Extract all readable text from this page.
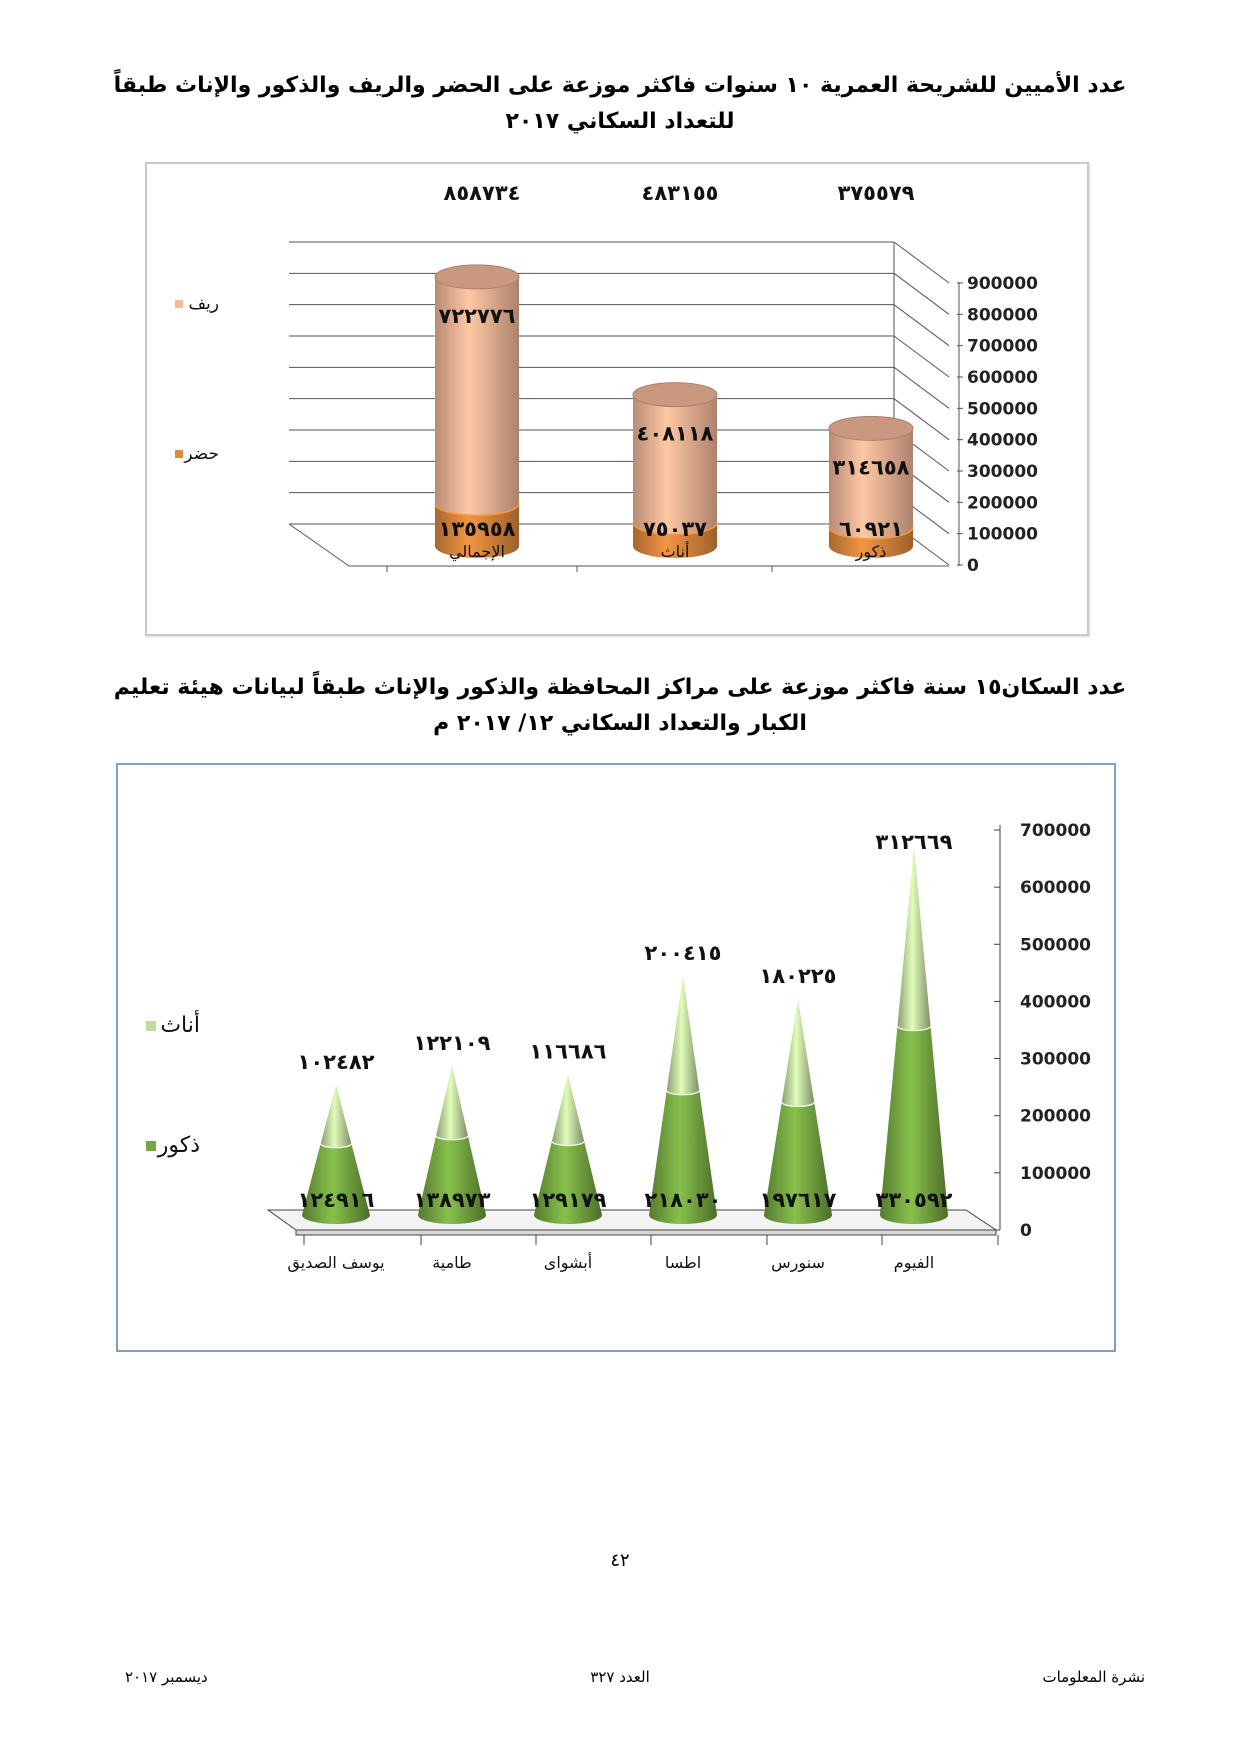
عدد الأميين للشريحة العمرية ١٠ سنوات فاكثر موزعة على الحضر والريف والذكور والإناث طبقاً للتعداد السكاني ٢٠١٧
0
100000
200000
300000
400000
500000
600000
700000
800000
900000
١٣٥٩٥٨
٧٢٢٧٧٦
٨٥٨٧٣٤
الإجمالي
٧٥٠٣٧
٤٠٨١١٨
٤٨٣١٥٥
أناث
٦٠٩٢١
٣١٤٦٥٨
٣٧٥٥٧٩
ذكور
ريف
حضر
عدد السكان١٥ سنة فاكثر موزعة على مراكز المحافظة والذكور والإناث طبقاً لبيانات هيئة تعليم الكبار والتعداد السكاني ١٢/ ٢٠١٧ م
0
100000
200000
300000
400000
500000
600000
700000
١٢٤٩١٦
١٠٢٤٨٢
يوسف الصديق
١٣٨٩٧٣
١٢٢١٠٩
طامية
١٢٩١٧٩
١١٦٦٨٦
أبشواى
٢١٨٠٣٠
٢٠٠٤١٥
اطسا
١٩٧٦١٧
١٨٠٢٢٥
سنورس
٣٣٠٥٩٢
٣١٢٦٦٩
الفيوم
أناث
ذكور
٤٢
نشرة المعلومات
العدد ٣٢٧
ديسمبر ٢٠١٧
